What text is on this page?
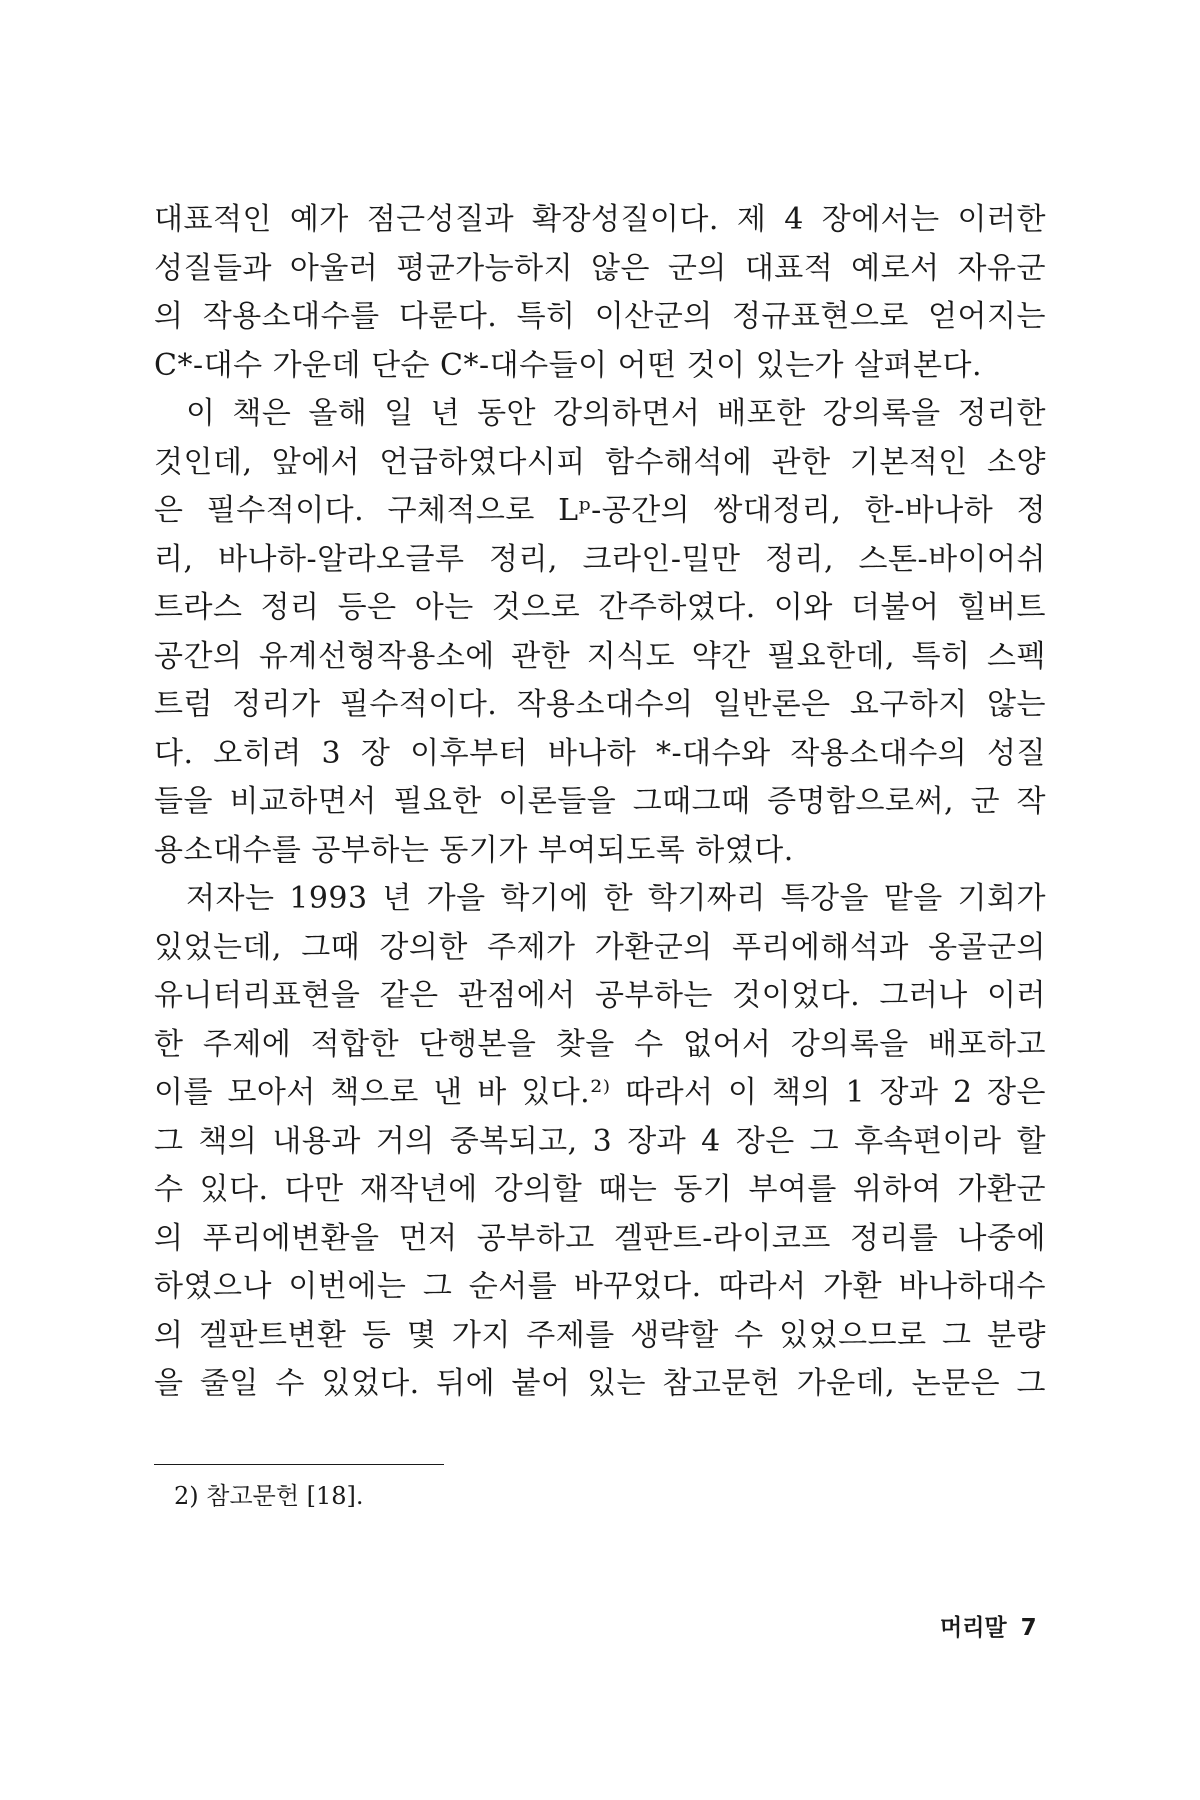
대표적인 예가 점근성질과 확장성질이다. 제 4 장에서는 이러한
성질들과 아울러 평균가능하지 않은 군의 대표적 예로서 자유군
의 작용소대수를 다룬다. 특히 이산군의 정규표현으로 얻어지는
C*-대수 가운데 단순 C*-대수들이 어떤 것이 있는가 살펴본다.
이 책은 올해 일 년 동안 강의하면서 배포한 강의록을 정리한
것인데, 앞에서 언급하였다시피 함수해석에 관한 기본적인 소양
은 필수적이다. 구체적으로 Lᵖ-공간의 쌍대정리, 한-바나하 정
리, 바나하-알라오글루 정리, 크라인-밀만 정리, 스톤-바이어쉬
트라스 정리 등은 아는 것으로 간주하였다. 이와 더불어 힐버트
공간의 유계선형작용소에 관한 지식도 약간 필요한데, 특히 스펙
트럼 정리가 필수적이다. 작용소대수의 일반론은 요구하지 않는
다. 오히려 3 장 이후부터 바나하 *-대수와 작용소대수의 성질
들을 비교하면서 필요한 이론들을 그때그때 증명함으로써, 군 작
용소대수를 공부하는 동기가 부여되도록 하였다.
저자는 1993 년 가을 학기에 한 학기짜리 특강을 맡을 기회가
있었는데, 그때 강의한 주제가 가환군의 푸리에해석과 옹골군의
유니터리표현을 같은 관점에서 공부하는 것이었다. 그러나 이러
한 주제에 적합한 단행본을 찾을 수 없어서 강의록을 배포하고
이를 모아서 책으로 낸 바 있다.²⁾ 따라서 이 책의 1 장과 2 장은
그 책의 내용과 거의 중복되고, 3 장과 4 장은 그 후속편이라 할
수 있다. 다만 재작년에 강의할 때는 동기 부여를 위하여 가환군
의 푸리에변환을 먼저 공부하고 겔판트-라이코프 정리를 나중에
하였으나 이번에는 그 순서를 바꾸었다. 따라서 가환 바나하대수
의 겔판트변환 등 몇 가지 주제를 생략할 수 있었으므로 그 분량
을 줄일 수 있었다. 뒤에 붙어 있는 참고문헌 가운데, 논문은 그
2) 참고문헌 [18].
머리말 7
